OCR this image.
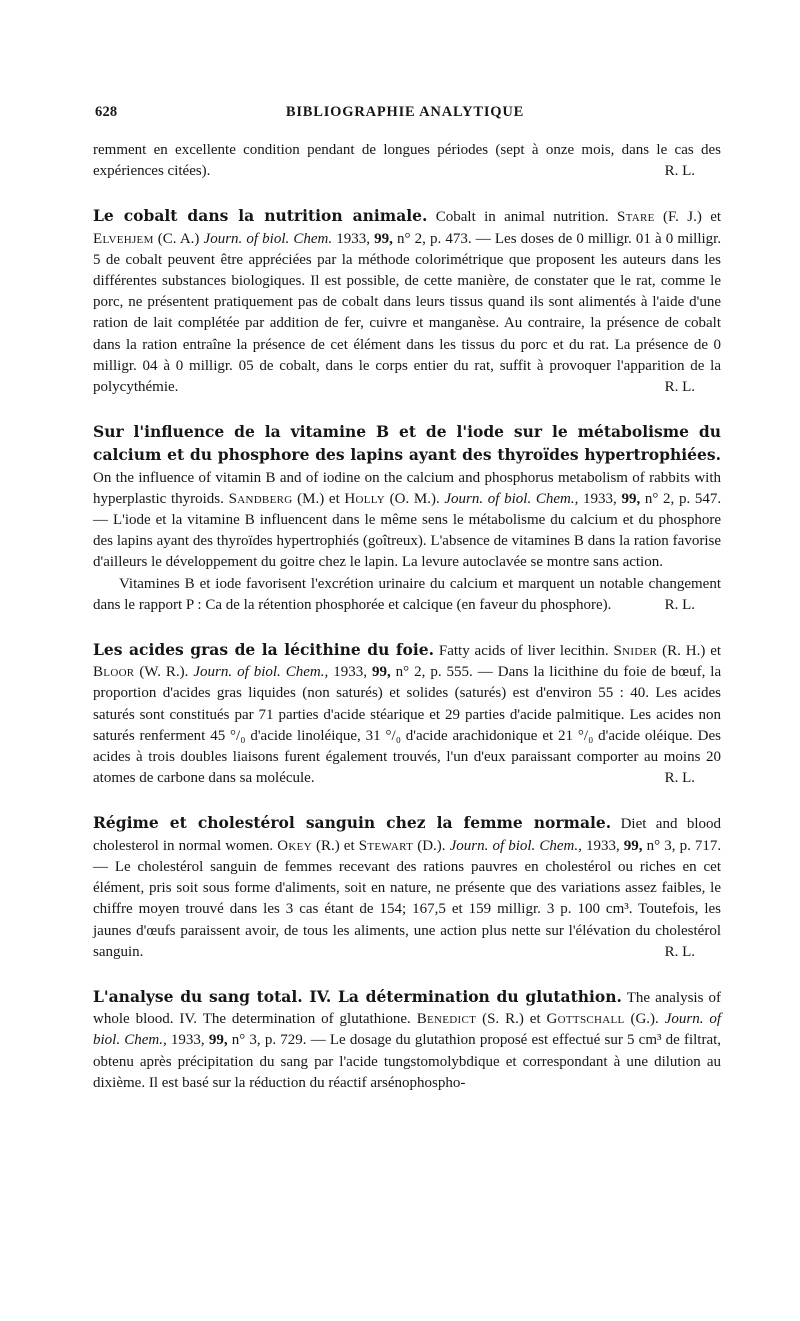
628	BIBLIOGRAPHIE ANALYTIQUE

remment en excellente condition pendant de longues périodes (sept à onze mois, dans le cas des expériences citées).	R. L.

Le cobalt dans la nutrition animale. Cobalt in animal nutrition. Stare (F. J.) et Elvehjem (C. A.) Journ. of biol. Chem. 1933, 99, n° 2, p. 473. — Les doses de 0 milligr. 01 à 0 milligr. 5 de cobalt peuvent être appréciées par la méthode colorimétrique que proposent les auteurs dans les différentes substances biologiques. Il est possible, de cette manière, de constater que le rat, comme le porc, ne présentent pratiquement pas de cobalt dans leurs tissus quand ils sont alimentés à l'aide d'une ration de lait complétée par addition de fer, cuivre et manganèse. Au contraire, la présence de cobalt dans la ration entraîne la présence de cet élément dans les tissus du porc et du rat. La présence de 0 milligr. 04 à 0 milligr. 05 de cobalt, dans le corps entier du rat, suffit à provoquer l'apparition de la polycythémie.	R. L.

Sur l'influence de la vitamine B et de l'iode sur le métabolisme du calcium et du phosphore des lapins ayant des thyroïdes hypertrophiées. On the influence of vitamin B and of iodine on the calcium and phosphorus metabolism of rabbits with hyperplastic thyroids. Sandberg (M.) et Holly (O. M.). Journ. of biol. Chem., 1933, 99, n° 2, p. 547. — L'iode et la vitamine B influencent dans le même sens le métabolisme du calcium et du phosphore des lapins ayant des thyroïdes hypertrophiés (goîtreux). L'absence de vitamines B dans la ration favorise d'ailleurs le développement du goitre chez le lapin. La levure autoclavée se montre sans action.

Vitamines B et iode favorisent l'excrétion urinaire du calcium et marquent un notable changement dans le rapport P : Ca de la rétention phosphorée et calcique (en faveur du phosphore).	R. L.

Les acides gras de la lécithine du foie. Fatty acids of liver lecithin. Snider (R. H.) et Bloor (W. R.). Journ. of biol. Chem., 1933, 99, n° 2, p. 555. — Dans la licithine du foie de bœuf, la proportion d'acides gras liquides (non saturés) et solides (saturés) est d'environ 55 : 40. Les acides saturés sont constitués par 71 parties d'acide stéarique et 29 parties d'acide palmitique. Les acides non saturés renferment 45 °/₀ d'acide linoléique, 31 °/₀ d'acide arachidonique et 21 °/₀ d'acide oléique. Des acides à trois doubles liaisons furent également trouvés, l'un d'eux paraissant comporter au moins 20 atomes de carbone dans sa molécule.	R. L.

Régime et cholestérol sanguin chez la femme normale. Diet and blood cholesterol in normal women. Okey (R.) et Stewart (D.). Journ. of biol. Chem., 1933, 99, n° 3, p. 717. — Le cholestérol sanguin de femmes recevant des rations pauvres en cholestérol ou riches en cet élément, pris soit sous forme d'aliments, soit en nature, ne présente que des variations assez faibles, le chiffre moyen trouvé dans les 3 cas étant de 154; 167,5 et 159 milligr. 3 p. 100 cm³. Toutefois, les jaunes d'œufs paraissent avoir, de tous les aliments, une action plus nette sur l'élévation du cholestérol sanguin.	R. L.

L'analyse du sang total. IV. La détermination du glutathion. The analysis of whole blood. IV. The determination of glutathione. Benedict (S. R.) et Gottschall (G.). Journ. of biol. Chem., 1933, 99, n° 3, p. 729. — Le dosage du glutathion proposé est effectué sur 5 cm³ de filtrat, obtenu après précipitation du sang par l'acide tungstomolybdique et correspondant à une dilution au dixième. Il est basé sur la réduction du réactif arsénophospho-
